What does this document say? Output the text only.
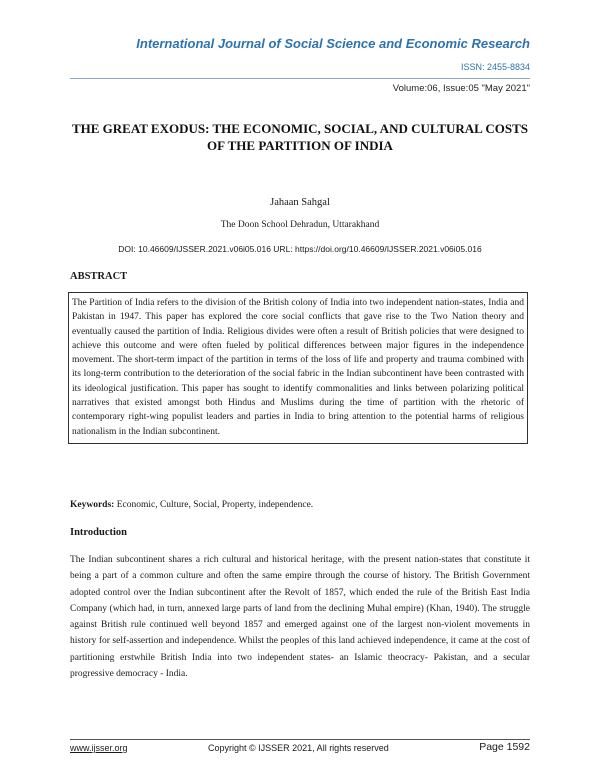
International Journal of Social Science and Economic Research
ISSN: 2455-8834
Volume:06, Issue:05 "May 2021"
THE GREAT EXODUS: THE ECONOMIC, SOCIAL, AND CULTURAL COSTS OF THE PARTITION OF INDIA
Jahaan Sahgal
The Doon School Dehradun, Uttarakhand
DOI: 10.46609/IJSSER.2021.v06i05.016 URL: https://doi.org/10.46609/IJSSER.2021.v06i05.016
ABSTRACT
The Partition of India refers to the division of the British colony of India into two independent nation-states, India and Pakistan in 1947. This paper has explored the core social conflicts that gave rise to the Two Nation theory and eventually caused the partition of India. Religious divides were often a result of British policies that were designed to achieve this outcome and were often fueled by political differences between major figures in the independence movement. The short-term impact of the partition in terms of the loss of life and property and trauma combined with its long-term contribution to the deterioration of the social fabric in the Indian subcontinent have been contrasted with its ideological justification. This paper has sought to identify commonalities and links between polarizing political narratives that existed amongst both Hindus and Muslims during the time of partition with the rhetoric of contemporary right-wing populist leaders and parties in India to bring attention to the potential harms of religious nationalism in the Indian subcontinent.
Keywords: Economic, Culture, Social, Property, independence.
Introduction
The Indian subcontinent shares a rich cultural and historical heritage, with the present nation-states that constitute it being a part of a common culture and often the same empire through the course of history. The British Government adopted control over the Indian subcontinent after the Revolt of 1857, which ended the rule of the British East India Company (which had, in turn, annexed large parts of land from the declining Muhal empire) (Khan, 1940). The struggle against British rule continued well beyond 1857 and emerged against one of the largest non-violent movements in history for self-assertion and independence. Whilst the peoples of this land achieved independence, it came at the cost of partitioning erstwhile British India into two independent states- an Islamic theocracy- Pakistan, and a secular progressive democracy - India.
www.ijsser.org	Copyright © IJSSER 2021, All rights reserved	Page 1592
